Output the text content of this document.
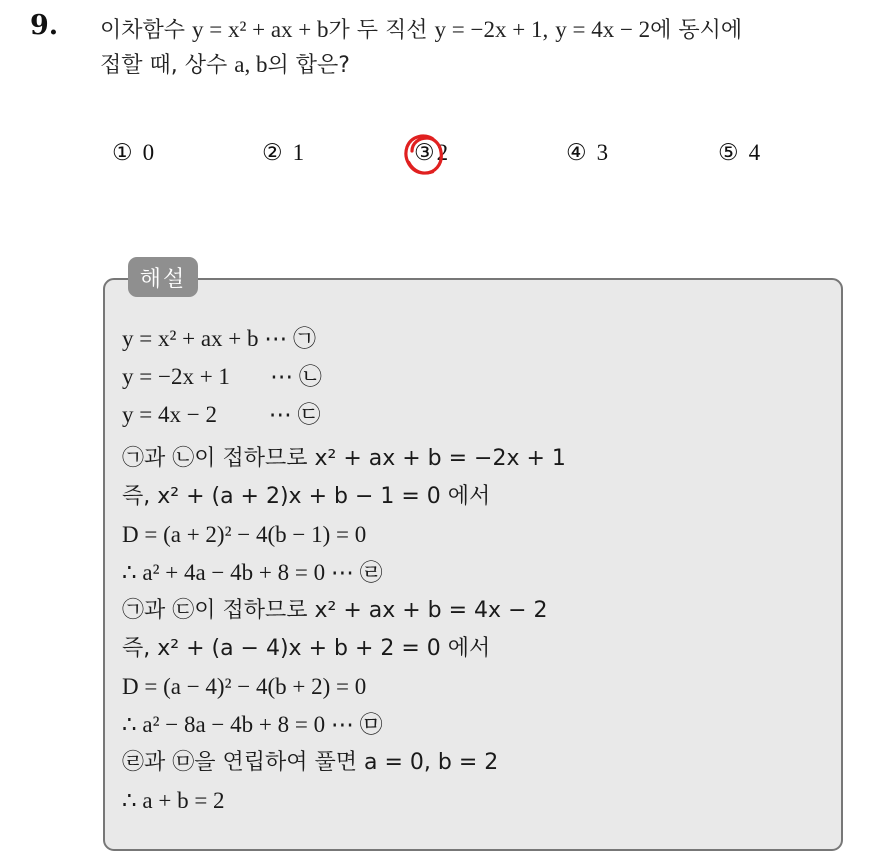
9. 이차함수 y = x² + ax + b가 두 직선 y = −2x + 1, y = 4x − 2에 동시에
접할 때, 상수 a, b의 합은?
① 0	② 1	③2	④ 3	⑤ 4
해설
y = x² + ax + b ⋯ ㉠
y = −2x + 1       ⋯ ㉡
y = 4x − 2         ⋯ ㉢
㉠과 ㉡이 접하므로 x² + ax + b = −2x + 1
즉, x² + (a + 2)x + b − 1 = 0 에서
D = (a + 2)² − 4(b − 1) = 0
∴ a² + 4a − 4b + 8 = 0 ⋯ ㉣
㉠과 ㉢이 접하므로 x² + ax + b = 4x − 2
즉, x² + (a − 4)x + b + 2 = 0 에서
D = (a − 4)² − 4(b + 2) = 0
∴ a² − 8a − 4b + 8 = 0 ⋯ ㉤
㉣과 ㉤을 연립하여 풀면 a = 0, b = 2
∴ a + b = 2
